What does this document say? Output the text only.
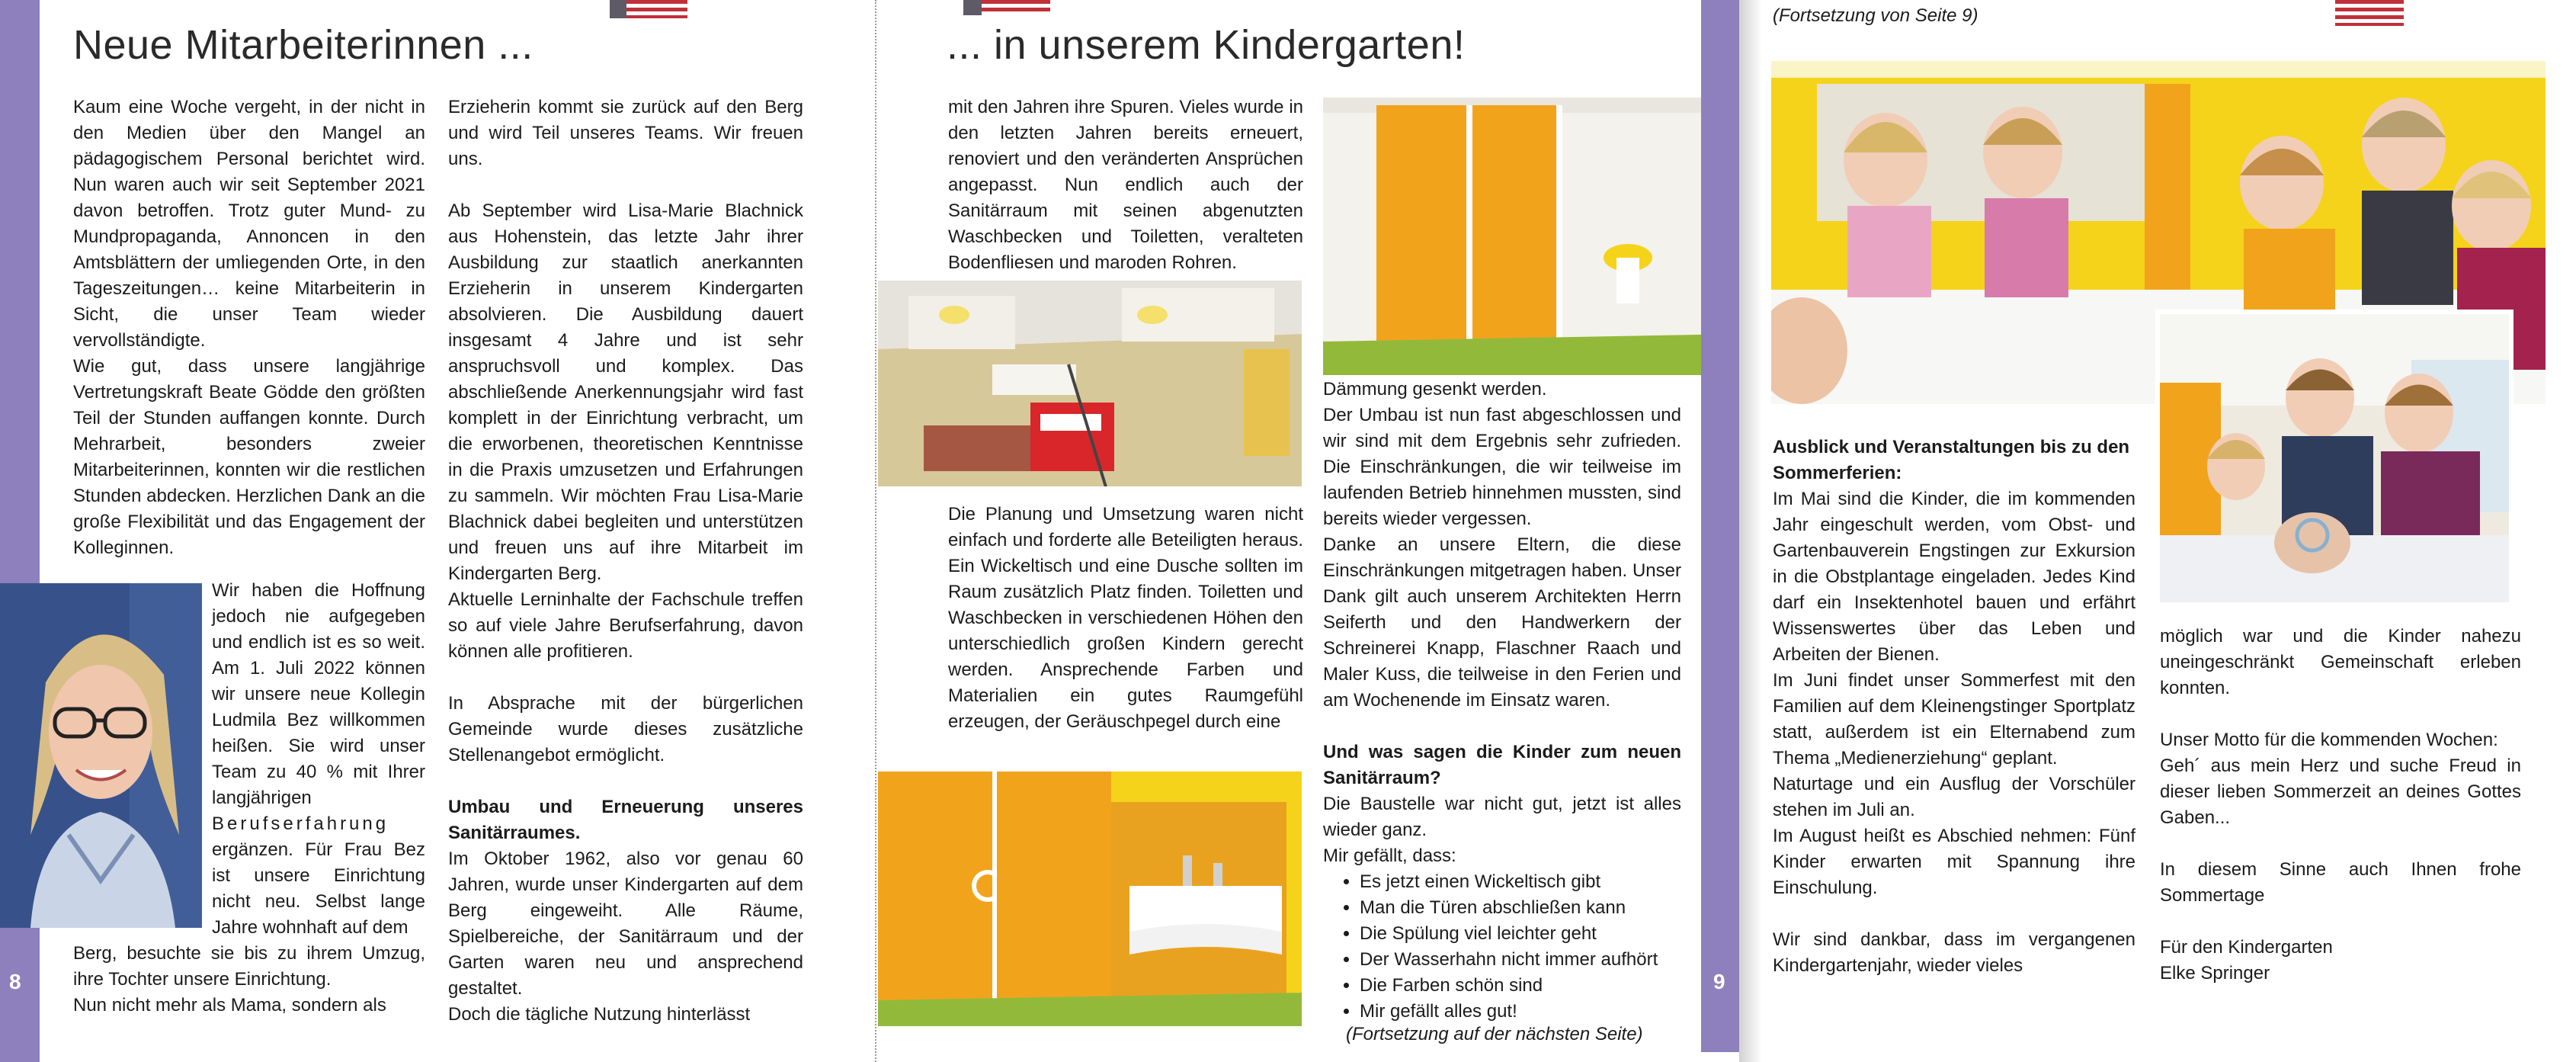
8
Neue Mitarbeiterinnen ...

Kaum eine Woche vergeht, in der nicht in den Medien über den Mangel an pädagogischem Personal berichtet wird. Nun waren auch wir seit September 2021 davon betroffen. Trotz guter Mund- zu Mundpropaganda, Annoncen in den Amtsblättern der umliegenden Orte, in den Tageszeitungen… keine Mitarbeiterin in Sicht, die unser Team wieder vervollständigte.

Wie gut, dass unsere langjährige Vertretungskraft Beate Gödde den größten Teil der Stunden auffangen konnte. Durch Mehrarbeit, besonders zweier Mitarbeiterinnen, konnten wir die restlichen Stunden abdecken. Herzlichen Dank an die große Flexibilität und das Engagement der Kolleginnen.

Wir haben die Hoffnung jedoch nie aufgegeben und endlich ist es so weit. Am 1. Juli 2022 können wir unsere neue Kollegin Ludmila Bez willkommen heißen. Sie wird unser Team zu 40 % mit Ihrer langjährigen Berufserfahrung ergänzen. Für Frau Bez ist unsere Einrichtung nicht neu. Selbst lange Jahre wohnhaft auf dem

Berg, besuchte sie bis zu ihrem Umzug, ihre Tochter unsere Einrichtung.

Nun nicht mehr als Mama, sondern als

Erzieherin kommt sie zurück auf den Berg und wird Teil unseres Teams. Wir freuen uns.

Ab September wird Lisa-Marie Blachnick aus Hohenstein, das letzte Jahr ihrer Ausbildung zur staatlich anerkannten Erzieherin in unserem Kindergarten absolvieren. Die Ausbildung dauert insgesamt 4 Jahre und ist sehr anspruchsvoll und komplex. Das abschließende Anerkennungsjahr wird fast komplett in der Einrichtung verbracht, um die erworbenen, theoretischen Kenntnisse in die Praxis umzusetzen und Erfahrungen zu sammeln. Wir möchten Frau Lisa-Marie Blachnick dabei begleiten und unterstützen und freuen uns auf ihre Mitarbeit im Kindergarten Berg.

Aktuelle Lerninhalte der Fachschule treffen so auf viele Jahre Berufserfahrung, davon können alle profitieren.

In Absprache mit der bürgerlichen Gemeinde wurde dieses zusätzliche Stellenangebot ermöglicht.

Umbau und Erneuerung unseres Sanitärraumes.

Im Oktober 1962, also vor genau 60 Jahren, wurde unser Kindergarten auf dem Berg eingeweiht. Alle Räume, Spielbereiche, der Sanitärraum und der Garten waren neu und ansprechend gestaltet.

Doch die tägliche Nutzung hinterlässt

... in unserem Kindergarten!

mit den Jahren ihre Spuren. Vieles wurde in den letzten Jahren bereits erneuert, renoviert und den veränderten Ansprüchen angepasst. Nun endlich auch der Sanitärraum mit seinen abgenutzten Waschbecken und Toiletten, veralteten Bodenfliesen und maroden Rohren.

Die Planung und Umsetzung waren nicht einfach und forderte alle Beteiligten heraus. Ein Wickeltisch und eine Dusche sollten im Raum zusätzlich Platz finden. Toiletten und Waschbecken in verschiedenen Höhen den unterschiedlich großen Kindern gerecht werden. Ansprechende Farben und Materialien ein gutes Raumgefühl erzeugen, der Geräuschpegel durch eine

Dämmung gesenkt werden.

Der Umbau ist nun fast abgeschlossen und wir sind mit dem Ergebnis sehr zufrieden. Die Einschränkungen, die wir teilweise im laufenden Betrieb hinnehmen mussten, sind bereits wieder vergessen.

Danke an unsere Eltern, die diese Einschränkungen mitgetragen haben. Unser Dank gilt auch unserem Architekten Herrn Seiferth und den Handwerkern der Schreinerei Knapp, Flaschner Raach und Maler Kuss, die teilweise in den Ferien und am Wochenende im Einsatz waren.

Und was sagen die Kinder zum neuen Sanitärraum?

Die Baustelle war nicht gut, jetzt ist alles wieder ganz.

Mir gefällt, dass:

• Es jetzt einen Wickeltisch gibt
• Man die Türen abschließen kann
• Die Spülung viel leichter geht
• Der Wasserhahn nicht immer aufhört
• Die Farben schön sind
• Mir gefällt alles gut!
(Fortsetzung auf der nächsten Seite)
9
(Fortsetzung von Seite 9)

Ausblick und Veranstaltungen bis zu den Sommerferien:

Im Mai sind die Kinder, die im kommenden Jahr eingeschult werden, vom Obst- und Gartenbauverein Engstingen zur Exkursion in die Obstplantage eingeladen. Jedes Kind darf ein Insektenhotel bauen und erfährt Wissenswertes über das Leben und Arbeiten der Bienen.

Im Juni findet unser Sommerfest mit den Familien auf dem Kleinengstinger Sportplatz statt, außerdem ist ein Elternabend zum Thema „Medienerziehung“ geplant.

Naturtage und ein Ausflug der Vorschüler stehen im Juli an.

Im August heißt es Abschied nehmen: Fünf Kinder erwarten mit Spannung ihre Einschulung.

Wir sind dankbar, dass im vergangenen Kindergartenjahr, wieder vieles

möglich war und die Kinder nahezu uneingeschränkt Gemeinschaft erleben konnten.

Unser Motto für die kommenden Wochen:
Geh´ aus mein Herz und suche Freud in dieser lieben Sommerzeit an deines Gottes Gaben...

In diesem Sinne auch Ihnen frohe Sommertage

Für den Kindergarten
Elke Springer
